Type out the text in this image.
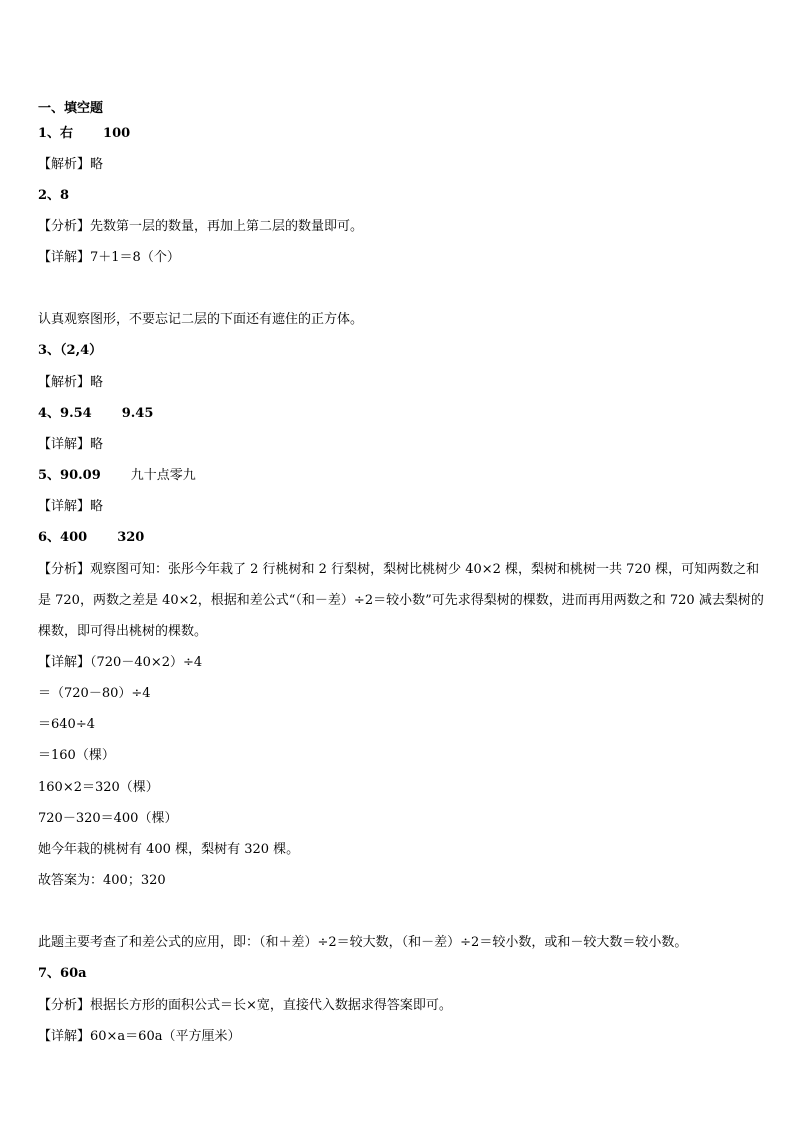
一、填空题
1、右 100
【解析】略
2、8
【分析】先数第一层的数量，再加上第二层的数量即可。
【详解】7＋1＝8（个）
认真观察图形，不要忘记二层的下面还有遮住的正方体。
3、（2,4）
【解析】略
4、9.54 9.45
【详解】略
5、90.09 九十点零九
【详解】略
6、400 320
【分析】观察图可知：张彤今年栽了 2 行桃树和 2 行梨树，梨树比桃树少 40×2 棵，梨树和桃树一共 720 棵，可知两数之和是 720，两数之差是 40×2，根据和差公式“（和－差）÷2＝较小数”可先求得梨树的棵数，进而再用两数之和 720 减去梨树的棵数，即可得出桃树的棵数。
【详解】（720－40×2）÷4
＝（720－80）÷4
＝640÷4
＝160（棵）
160×2＝320（棵）
720－320＝400（棵）
她今年栽的桃树有 400 棵，梨树有 320 棵。
故答案为：400；320
此题主要考查了和差公式的应用，即：（和＋差）÷2＝较大数，（和－差）÷2＝较小数，或和－较大数＝较小数。
7、60a
【分析】根据长方形的面积公式＝长×宽，直接代入数据求得答案即可。
【详解】60×a＝60a（平方厘米）
